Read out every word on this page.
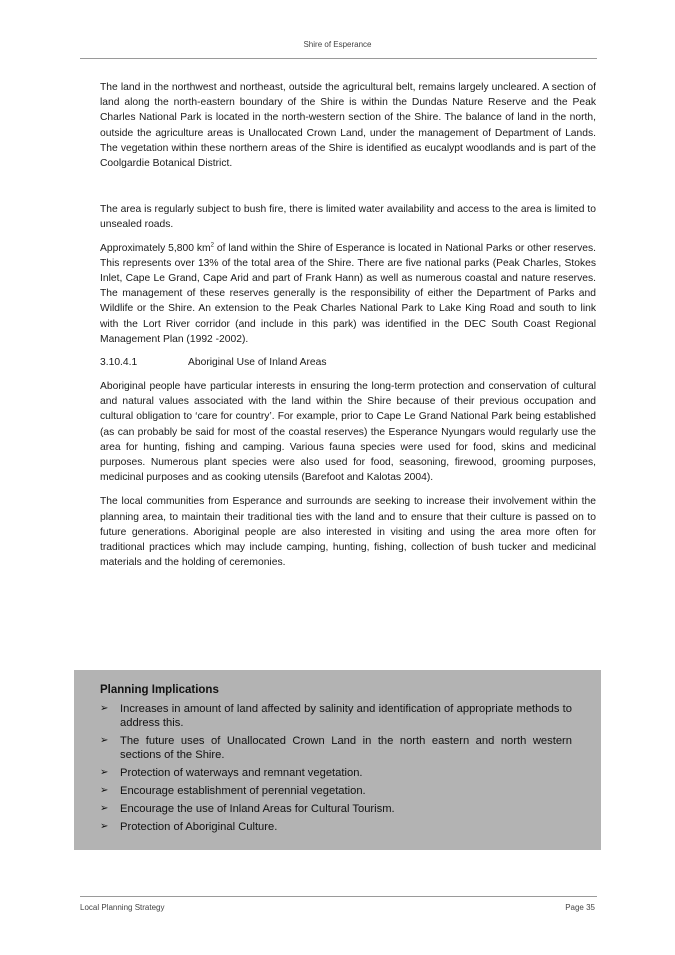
Shire of Esperance

The land in the northwest and northeast, outside the agricultural belt, remains largely uncleared. A section of land along the north-eastern boundary of the Shire is within the Dundas Nature Reserve and the Peak Charles National Park is located in the north-western section of the Shire. The balance of land in the north, outside the agriculture areas is Unallocated Crown Land, under the management of Department of Lands. The vegetation within these northern areas of the Shire is identified as eucalypt woodlands and is part of the Coolgardie Botanical District.

The area is regularly subject to bush fire, there is limited water availability and access to the area is limited to unsealed roads.

Approximately 5,800 $km^2$ of land within the Shire of Esperance is located in National Parks or other reserves. This represents over 13% of the total area of the Shire. There are five national parks (Peak Charles, Stokes Inlet, Cape Le Grand, Cape Arid and part of Frank Hann) as well as numerous coastal and nature reserves. The management of these reserves generally is the responsibility of either the Department of Parks and Wildlife or the Shire. An extension to the Peak Charles National Park to Lake King Road and south to link with the Lort River corridor (and include in this park) was identified in the DEC South Coast Regional Management Plan (1992 -2002).

3.10.4.1	Aboriginal Use of Inland Areas

Aboriginal people have particular interests in ensuring the long-term protection and conservation of cultural and natural values associated with the land within the Shire because of their previous occupation and cultural obligation to ‘care for country’. For example, prior to Cape Le Grand National Park being established (as can probably be said for most of the coastal reserves) the Esperance Nyungars would regularly use the area for hunting, fishing and camping. Various fauna species were used for food, skins and medicinal purposes. Numerous plant species were also used for food, seasoning, firewood, grooming purposes, medicinal purposes and as cooking utensils (Barefoot and Kalotas 2004).

The local communities from Esperance and surrounds are seeking to increase their involvement within the planning area, to maintain their traditional ties with the land and to ensure that their culture is passed on to future generations. Aboriginal people are also interested in visiting and using the area more often for traditional practices which may include camping, hunting, fishing, collection of bush tucker and medicinal materials and the holding of ceremonies.

Planning Implications
➢ Increases in amount of land affected by salinity and identification of appropriate methods to address this.
➢ The future uses of Unallocated Crown Land in the north eastern and north western sections of the Shire.
➢ Protection of waterways and remnant vegetation.
➢ Encourage establishment of perennial vegetation.
➢ Encourage the use of Inland Areas for Cultural Tourism.
➢ Protection of Aboriginal Culture.
Local Planning Strategy	Page 35
